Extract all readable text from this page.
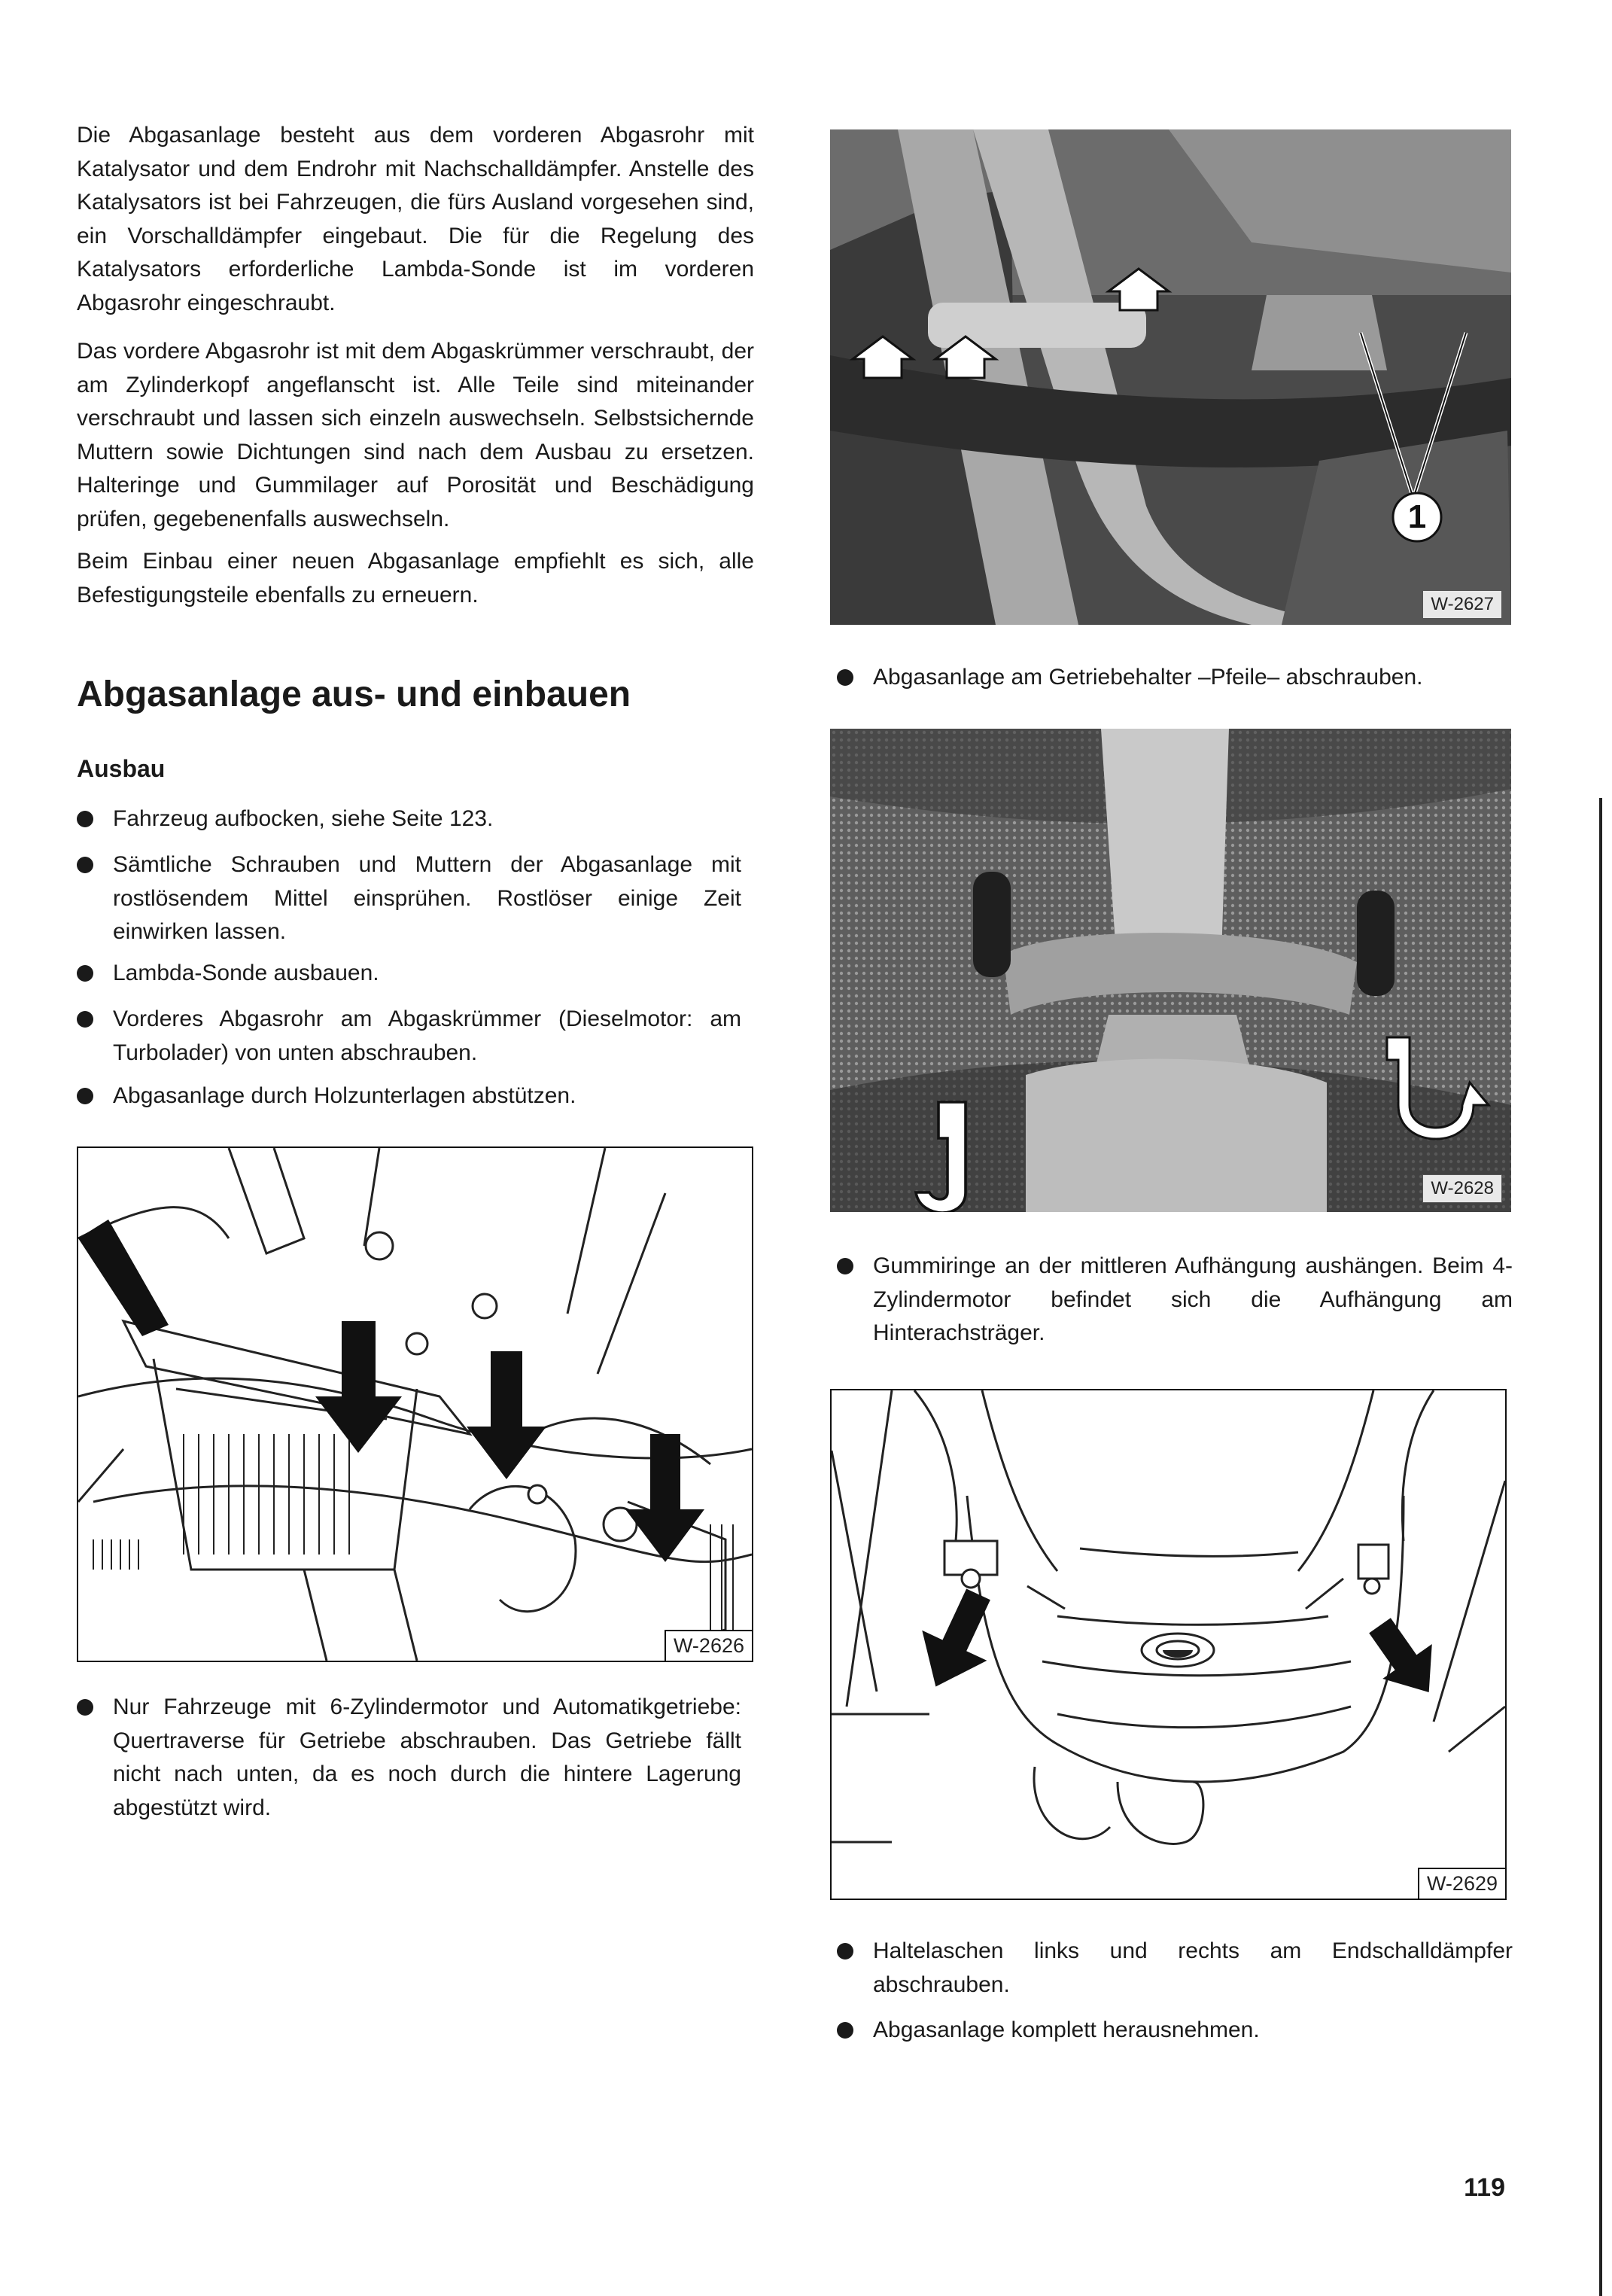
Die Abgasanlage besteht aus dem vorderen Abgasrohr mit Katalysator und dem Endrohr mit Nachschalldämpfer. Anstelle des Katalysators ist bei Fahrzeugen, die fürs Ausland vorgesehen sind, ein Vorschalldämpfer eingebaut. Die für die Regelung des Katalysators erforderliche Lambda-Sonde ist im vorderen Abgasrohr eingeschraubt.

Das vordere Abgasrohr ist mit dem Abgaskrümmer verschraubt, der am Zylinderkopf angeflanscht ist. Alle Teile sind miteinander verschraubt und lassen sich einzeln auswechseln. Selbstsichernde Muttern sowie Dichtungen sind nach dem Ausbau zu ersetzen. Halteringe und Gummilager auf Porosität und Beschädigung prüfen, gegebenenfalls auswechseln.

Beim Einbau einer neuen Abgasanlage empfiehlt es sich, alle Befestigungsteile ebenfalls zu erneuern.

Abgasanlage aus- und einbauen
Ausbau
Fahrzeug aufbocken, siehe Seite 123.
Sämtliche Schrauben und Muttern der Abgasanlage mit rostlösendem Mittel einsprühen. Rostlöser einige Zeit einwirken lassen.
Lambda-Sonde ausbauen.
Vorderes Abgasrohr am Abgaskrümmer (Dieselmotor: am Turbolader) von unten abschrauben.
Abgasanlage durch Holzunterlagen abstützen.
W-2626
Nur Fahrzeuge mit 6-Zylindermotor und Automatikgetriebe: Quertraverse für Getriebe abschrauben. Das Getriebe fällt nicht nach unten, da es noch durch die hintere Lagerung abgestützt wird.
1
W-2627
Abgasanlage am Getriebehalter –Pfeile– abschrauben.
W-2628
Gummiringe an der mittleren Aufhängung aushängen. Beim 4-Zylindermotor befindet sich die Aufhängung am Hinterachsträger.
W-2629
Haltelaschen links und rechts am Endschalldämpfer abschrauben.
Abgasanlage komplett herausnehmen.
119
